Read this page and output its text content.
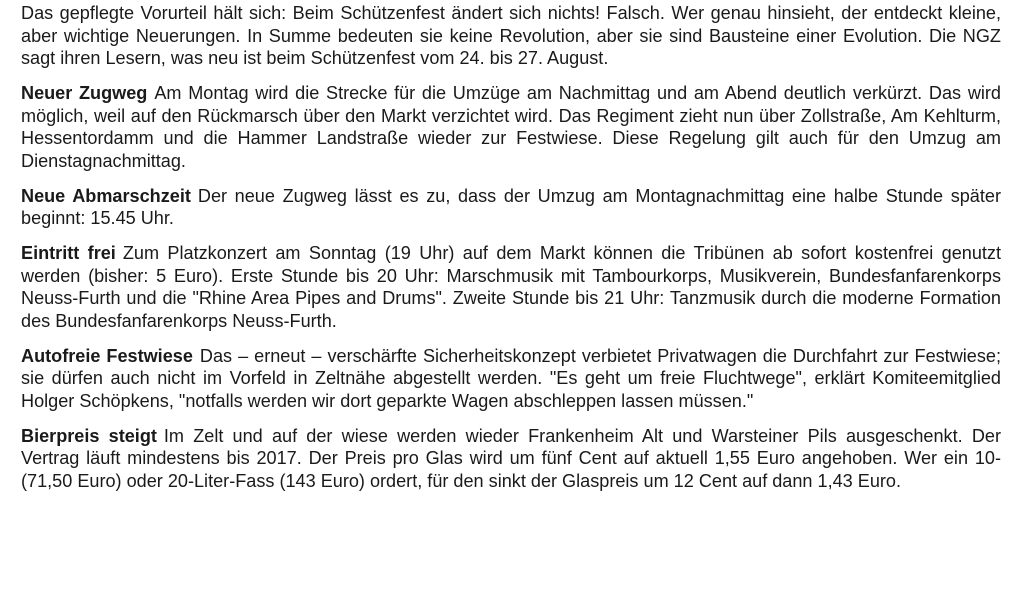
Das gepflegte Vorurteil hält sich: Beim Schützenfest ändert sich nichts! Falsch. Wer genau hinsieht, der entdeckt kleine, aber wichtige Neuerungen. In Summe bedeuten sie keine Revolution, aber sie sind Bausteine einer Evolution. Die NGZ sagt ihren Lesern, was neu ist beim Schützenfest vom 24. bis 27. August.

Neuer Zugweg Am Montag wird die Strecke für die Umzüge am Nachmittag und am Abend deutlich verkürzt. Das wird möglich, weil auf den Rückmarsch über den Markt verzichtet wird. Das Regiment zieht nun über Zollstraße, Am Kehlturm, Hessentordamm und die Hammer Landstraße wieder zur Festwiese. Diese Regelung gilt auch für den Umzug am Dienstagnachmittag.

Neue Abmarschzeit Der neue Zugweg lässt es zu, dass der Umzug am Montagnachmittag eine halbe Stunde später beginnt: 15.45 Uhr.

Eintritt frei Zum Platzkonzert am Sonntag (19 Uhr) auf dem Markt können die Tribünen ab sofort kostenfrei genutzt werden (bisher: 5 Euro). Erste Stunde bis 20 Uhr: Marschmusik mit Tambourkorps, Musikverein, Bundesfanfarenkorps Neuss-Furth und die "Rhine Area Pipes and Drums". Zweite Stunde bis 21 Uhr: Tanzmusik durch die moderne Formation des Bundesfanfarenkorps Neuss-Furth.

Autofreie Festwiese Das – erneut – verschärfte Sicherheitskonzept verbietet Privatwagen die Durchfahrt zur Festwiese; sie dürfen auch nicht im Vorfeld in Zeltnähe abgestellt werden. "Es geht um freie Fluchtwege", erklärt Komiteemitglied Holger Schöpkens, "notfalls werden wir dort geparkte Wagen abschleppen lassen müssen."

Bierpreis steigt Im Zelt und auf der wiese werden wieder Frankenheim Alt und Warsteiner Pils ausgeschenkt. Der Vertrag läuft mindestens bis 2017. Der Preis pro Glas wird um fünf Cent auf aktuell 1,55 Euro angehoben. Wer ein 10- (71,50 Euro) oder 20-Liter-Fass (143 Euro) ordert, für den sinkt der Glaspreis um 12 Cent auf dann 1,43 Euro.
